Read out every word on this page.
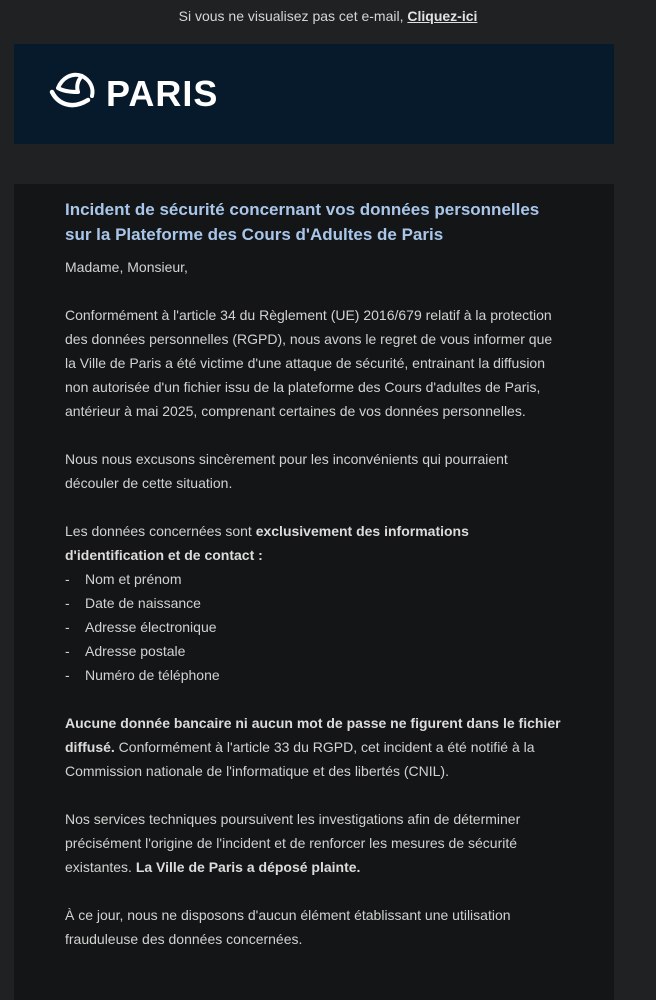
Si vous ne visualisez pas cet e-mail, Cliquez-ici
PARIS
Incident de sécurité concernant vos données personnelles sur la Plateforme des Cours d'Adultes de Paris
Madame, Monsieur,
Conformément à l'article 34 du Règlement (UE) 2016/679 relatif à la protection des données personnelles (RGPD), nous avons le regret de vous informer que la Ville de Paris a été victime d'une attaque de sécurité, entrainant la diffusion non autorisée d'un fichier issu de la plateforme des Cours d'adultes de Paris, antérieur à mai 2025, comprenant certaines de vos données personnelles.
Nous nous excusons sincèrement pour les inconvénients qui pourraient découler de cette situation.
Les données concernées sont exclusivement des informations d'identification et de contact :
- Nom et prénom
- Date de naissance
- Adresse électronique
- Adresse postale
- Numéro de téléphone
Aucune donnée bancaire ni aucun mot de passe ne figurent dans le fichier diffusé. Conformément à l'article 33 du RGPD, cet incident a été notifié à la Commission nationale de l'informatique et des libertés (CNIL).
Nos services techniques poursuivent les investigations afin de déterminer précisément l'origine de l'incident et de renforcer les mesures de sécurité existantes. La Ville de Paris a déposé plainte.
À ce jour, nous ne disposons d'aucun élément établissant une utilisation frauduleuse des données concernées.
